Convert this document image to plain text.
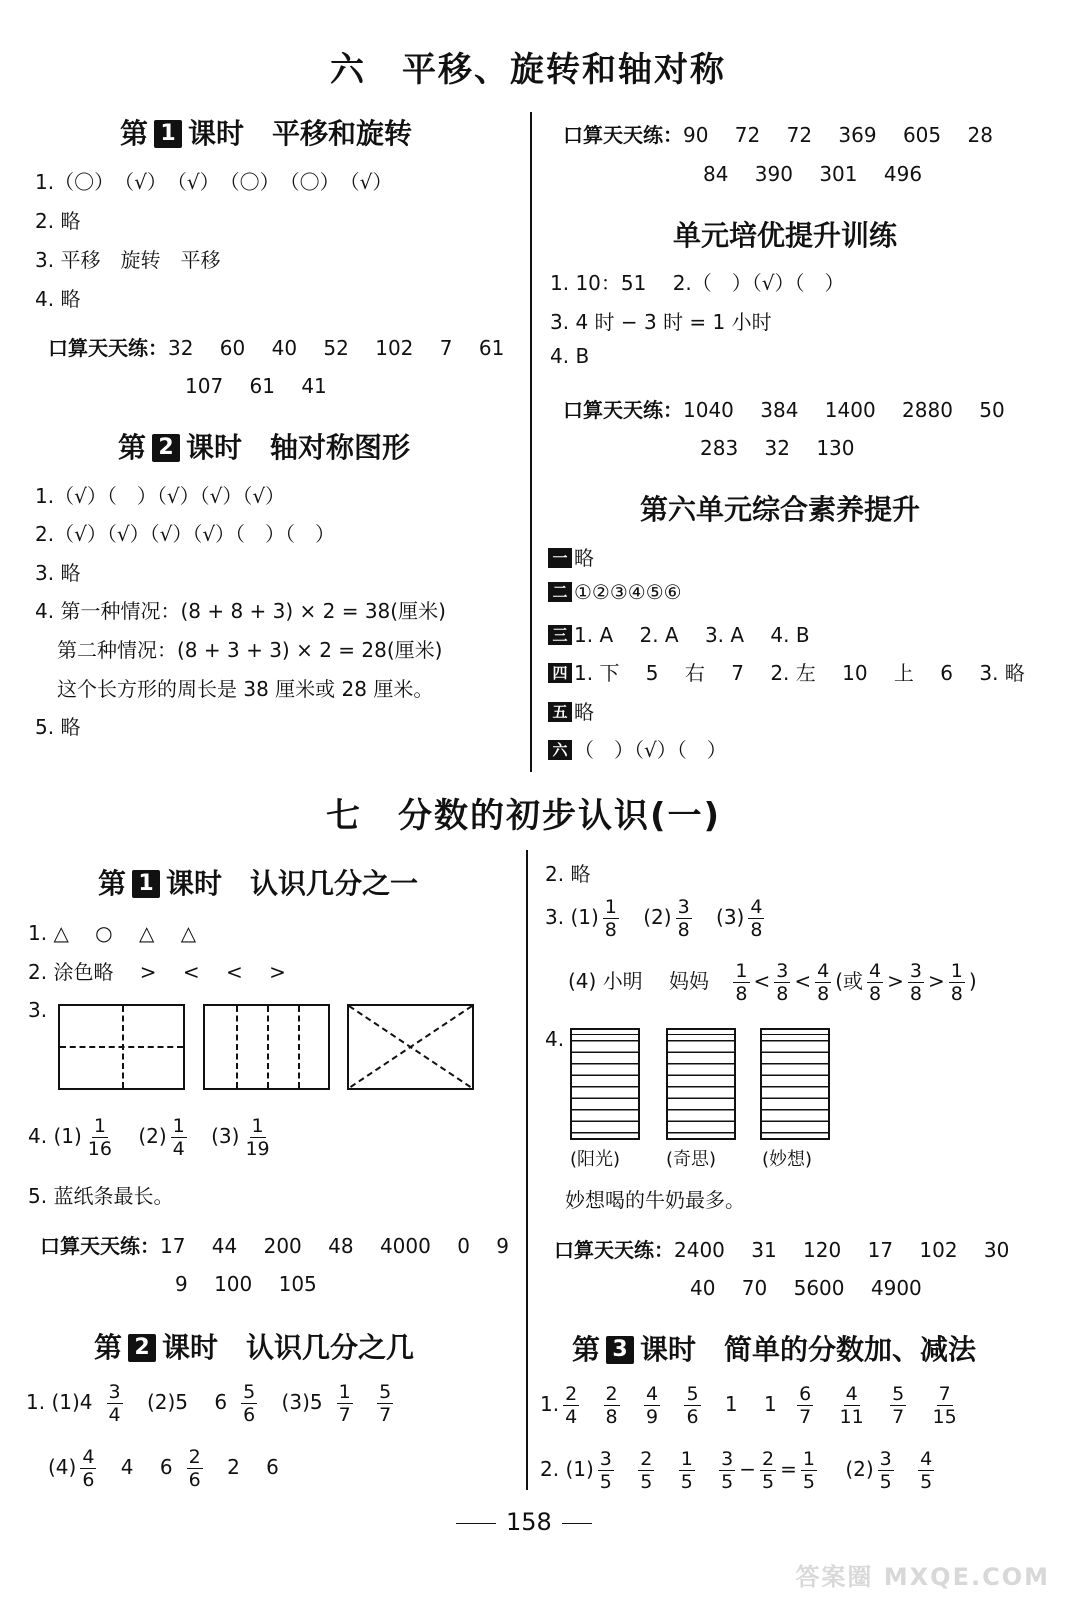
六　平移、旋转和轴对称
第 1 课时　 平移和旋转
1.（〇）　（√）　（√）　（〇）　（〇）　（√）
2. 略
3. 平移　旋转　平移
4. 略
口算天天练：32　 60　 40　 52　 102　 7　 61
107　 61　 41
第 2 课时　 轴对称图形
1.（√）（　）（√）（√）（√）
2.（√）（√）（√）（√）（　）（　）
3. 略
4. 第一种情况：(8 + 8 + 3) × 2 = 38(厘米)
第二种情况：(8 + 3 + 3) × 2 = 28(厘米)
这个长方形的周长是 38 厘米或 28 厘米。
5. 略
口算天天练：90　 72　 72　 369　 605　 28
84　 390　 301　 496
单元培优提升训练
1. 10：51　 2.（　）（√）（　）
3. 4 时 − 3 时 = 1 小时
4. B
口算天天练：1040　 384　 1400　 2880　 50
283　 32　 130
第六单元综合素养提升
一 略
二 ①②③④⑤⑥
三 1. A　 2. A　 3. A　 4. B
四 1. 下　 5　 右　 7　 2. 左　 10　 上　 6　 3. 略
五 略
六 （　）（√）（　）
七　分数的初步认识(一)
第 1 课时　 认识几分之一
1. △　 ○　 △　 △
2. 涂色略　 >　 <　 <　 >
3.
4. $(1) \frac{1}{16} (2) \frac{1}{4} (3) \frac{1}{19}$
5. 蓝纸条最长。
口算天天练：17　 44　 200　 48　 4000　 0　 9
9　 100　 105
第 2 课时　 认识几分之几
1. $(1)4 \frac{3}{4} (2)5$　 $6 \frac{5}{6} (3)5 \frac{1}{7}$
$\frac{5}{7}$
$(4) \frac{4}{6} 4$　 $6 \frac{2}{6} 2$　 6
2. 略
3. $(1) \frac{1}{8} (2) \frac{3}{8} (3) \frac{4}{8}$
(4) 小明　 妈妈 $\frac{1}{8} < \frac{3}{8} < \frac{4}{8}$ (或 $\frac{4}{8} > \frac{3}{8} > \frac{1}{8}$ )
4.
(阳光)	(奇思)	(妙想)
妙想喝的牛奶最多。
口算天天练：2400　 31　 120　 17　 102　 30
40　 70　 5600　 4900
第 3 课时　 简单的分数加、减法
1. $\frac{2}{4}$
$\frac{2}{8}$
$\frac{4}{9}$
$\frac{5}{6} 1$　 $1 \frac{6}{7}$
$\frac{4}{11}$
$\frac{5}{7}$
$\frac{7}{15}$
2. $(1) \frac{3}{5}$
$\frac{2}{5}$
$\frac{1}{5}$
$\frac{3}{5} - \frac{2}{5} = \frac{1}{5} (2) \frac{3}{5}$
$\frac{4}{5}$
158
答案圈 MXQE.COM
